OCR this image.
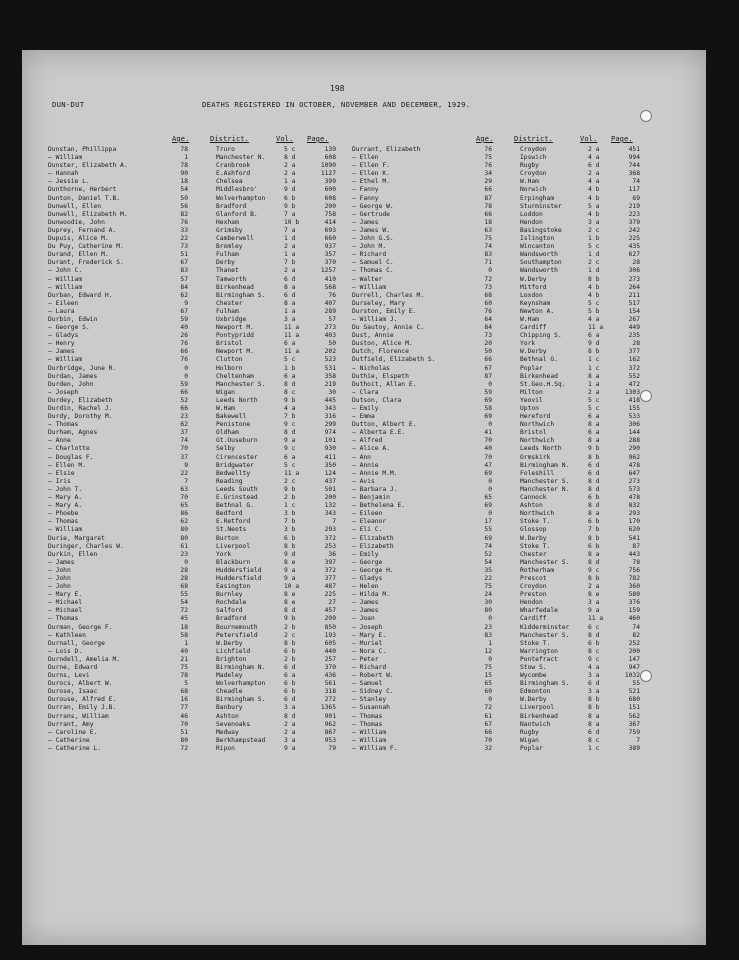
198
DUN-DUT	DEATHS REGISTERED IN OCTOBER, NOVEMBER AND DECEMBER, 1929.
Age.	District.	Vol. Page.
Dunstan, Phillippa	78	Truro	5 c	139
— William	1	Manchester N.	8 d	608
Dunster, Elizabeth A.	78	Cranbrook	2 a	1090
— Hannah	90	E.Ashford	2 a	1127
— Jessie L.	18	Chelsea	1 a	399
Dunthorne, Herbert	54	Middlesbro'	9 d	600
Dunton, Daniel T.B.	50	Wolverhampton	6 b	608
Dunwell, Ellen	56	Bradford	9 b	200
Dunwell, Elizabeth M.	82	Glanford B.	7 a	758
Dunwoodie, John	76	Hexham	10 b	414
Duprey, Fernand A.	33	Grimsby	7 a	693
Dupuis, Alice M.	22	Camberwell	1 d	660
Du Puy, Catherine M.	73	Bromley	2 a	937
Durand, Ellen M.	51	Fulham	1 a	357
Durant, Frederick S.	67	Derby	7 b	370
— John C.	83	Thanet	2 a	1257
— William	57	Tamworth	6 d	410
— William	84	Birkenhead	8 a	568
Durban, Edward H.	62	Birmingham S.	6 d	76
— Eileen	9	Chester	8 a	407
— Laura	67	Fulham	1 a	289
Durbin, Edwin	59	Uxbridge	3 a	57
— George S.	40	Newport M.	11 a	273
— Gladys	26	Pontypridd	11 a	403
— Henry	76	Bristol	6 a	50
— James	66	Newport M.	11 a	202
— William	76	Clutton	5 c	523
Durbridge, June R.	0	Holborn	1 b	531
Durdan, James	0	Cheltenham	6 a	358
Durden, John	59	Manchester S.	8 d	219
— Joseph	66	Wigan	8 c	30
Durdey, Elizabeth	52	Leeds North	9 b	445
Durdin, Rachel J.	66	W.Ham	4 a	343
Durdy, Dorothy M.	23	Bakewell	7 b	316
— Thomas	62	Penistone	9 c	299
Durham, Agnes	37	Oldham	8 d	974
— Anne	74	Gt.Ouseburn	9 a	101
— Charlotte	70	Selby	9 c	930
— Douglas F.	37	Cirencester	6 a	411
— Ellen M.	9	Bridgwater	5 c	350
— Elsie	22	Bedwellty	11 a	124
— Iris	7	Reading	2 c	437
— John T.	63	Leeds South	9 b	501
— Mary A.	70	E.Grinstead	2 b	200
— Mary A.	65	Bethnal G.	1 c	132
— Phoebe	86	Bedford	3 b	343
— Thomas	62	E.Retford	7 b	7
— William	80	St.Neots	3 b	293
Durie, Margaret	80	Burton	6 b	372
Duringer, Charles W.	61	Liverpool	8 b	253
Durkin, Ellen	23	York	9 d	36
— James	0	Blackburn	8 e	397
— John	28	Huddersfield	9 a	372
— John	28	Huddersfield	9 a	377
— John	68	Easington	10 a	487
— Mary E.	55	Burnley	8 e	225
— Michael	54	Rochdale	8 e	27
— Michael	72	Salford	8 d	457
— Thomas	45	Bradford	9 b	209
Durman, George F.	18	Bournemouth	2 b	850
— Kathleen	58	Petersfield	2 c	193
Durnall, George	1	W.Derby	8 b	605
— Lois D.	40	Lichfield	6 b	440
Durndell, Amelia M.	21	Brighton	2 b	257
Durne, Edward	75	Birmingham N.	6 d	370
Durns, Levi	78	Madeley	6 a	436
Durocs, Albert W.	5	Wolverhampton	6 b	561
Durose, Isaac	68	Cheadle	6 b	318
Durouse, Alfred E.	16	Birmingham S.	6 d	272
Durran, Emily J.B.	77	Banbury	3 a	1365
Durrans, William	46	Ashton	8 d	901
Durrant, Amy	70	Sevenoaks	2 a	962
— Caroline E.	51	Medway	2 a	867
— Catherine	80	Berkhampstead	3 a	953
— Catherine L.	72	Ripon	9 a	79
Age.	District.	Vol. Page.
Durrant, Elizabeth	76	Croydon	2 a	451
— Ellen	75	Ipswich	4 a	994
— Ellen F.	76	Rugby	6 d	744
— Ellen K.	34	Croydon	2 a	368
— Ethel M.	29	W.Ham	4 a	74
— Fanny	66	Norwich	4 b	117
— Fanny	87	Erpingham	4 b	69
— George W.	78	Sturminster	5 a	219
— Gertrude	66	Loddon	4 b	223
— James	18	Hendon	3 a	379
— James W.	63	Basingstoke	2 c	242
— John G.S.	75	Islington	1 b	225
— John M.	74	Wincanton	5 c	435
— Richard	83	Wandsworth	1 d	627
— Samuel C.	71	Southampton	2 c	28
— Thomas C.	0	Wandsworth	1 d	306
— Walter	72	W.Derby	8 b	273
— William	73	Mitford	4 b	264
Durrell, Charles M.	68	Loxdon	4 b	211
Durseley, Mary	60	Keynsham	5 c	517
Durston, Emily E.	76	Newton A.	5 b	154
— William J.	64	W.Ham	4 a	267
Du Sautoy, Annie C.	84	Cardiff	11 a	449
Dust, Annie	73	Chipping S.	6 a	235
Duston, Alice M.	20	York	9 d	28
Dutch, Florence	50	W.Derby	8 b	377
Dutfield, Elizabeth S.	66	Bethnal G.	1 c	162
— Nicholas	67	Poplar	1 c	372
Duthie, Elspeth	87	Birkenhead	8 a	552
Duthoit, Allan E.	0	St.Geo.H.Sq.	1 a	472
— Clara	59	Milton	2 a	1303
Dutson, Clara	69	Yeovil	5 c	418
— Emily	58	Upton	5 c	155
— Emma	69	Hereford	6 a	533
Dutton, Albert E.	0	Northwich	8 a	306
— Alberta E.E.	41	Bristol	6 a	144
— Alfred	70	Northwich	8 a	288
— Alice A.	40	Leeds North	9 b	290
— Ann	70	Ormskirk	8 b	962
— Annie	47	Birmingham N.	6 d	478
— Annie M.M.	69	Foleshill	6 d	647
— Avis	0	Manchester S.	8 d	273
— Barbara J.	0	Manchester N.	8 d	573
— Benjamin	65	Cannock	6 b	478
— Bethelena E.	69	Ashton	8 d	832
— Eileen	0	Northwich	8 a	293
— Eleanor	17	Stoke T.	6 b	170
— Eli C.	55	Glossop	7 b	620
— Elizabeth	69	W.Derby	8 b	541
— Elizabeth	74	Stoke T.	6 b	87
— Emily	52	Chester	8 a	443
— George	54	Manchester S.	8 d	78
— George H.	35	Rotherham	9 c	756
— Gladys	22	Prescot	8 b	782
— Helen	75	Croydon	2 a	360
— Hilda M.	24	Preston	8 e	580
— James	30	Hendon	3 a	376
— James	80	Wharfedale	9 a	159
— Joan	0	Cardiff	11 a	460
— Joseph	23	Kidderminster	6 c	74
— Mary E.	83	Manchester S.	8 d	82
— Muriel	1	Stoke T.	6 b	252
— Nora C.	12	Warrington	8 c	200
— Peter	0	Pontefract	9 c	147
— Richard	75	Stow S.	4 a	947
— Robert W.	15	Wycombe	3 a	1032
— Samuel	65	Birmingham S.	6 d	55
— Sidney C.	60	Edmonton	3 a	521
— Stanley	0	W.Derby	8 b	680
— Susannah	72	Liverpool	8 b	151
— Thomas	61	Birkenhead	8 a	562
— Thomas	67	Nantwich	8 a	367
— William	66	Rugby	6 d	759
— William	70	Wigan	8 c	7
— William F.	32	Poplar	1 c	389
